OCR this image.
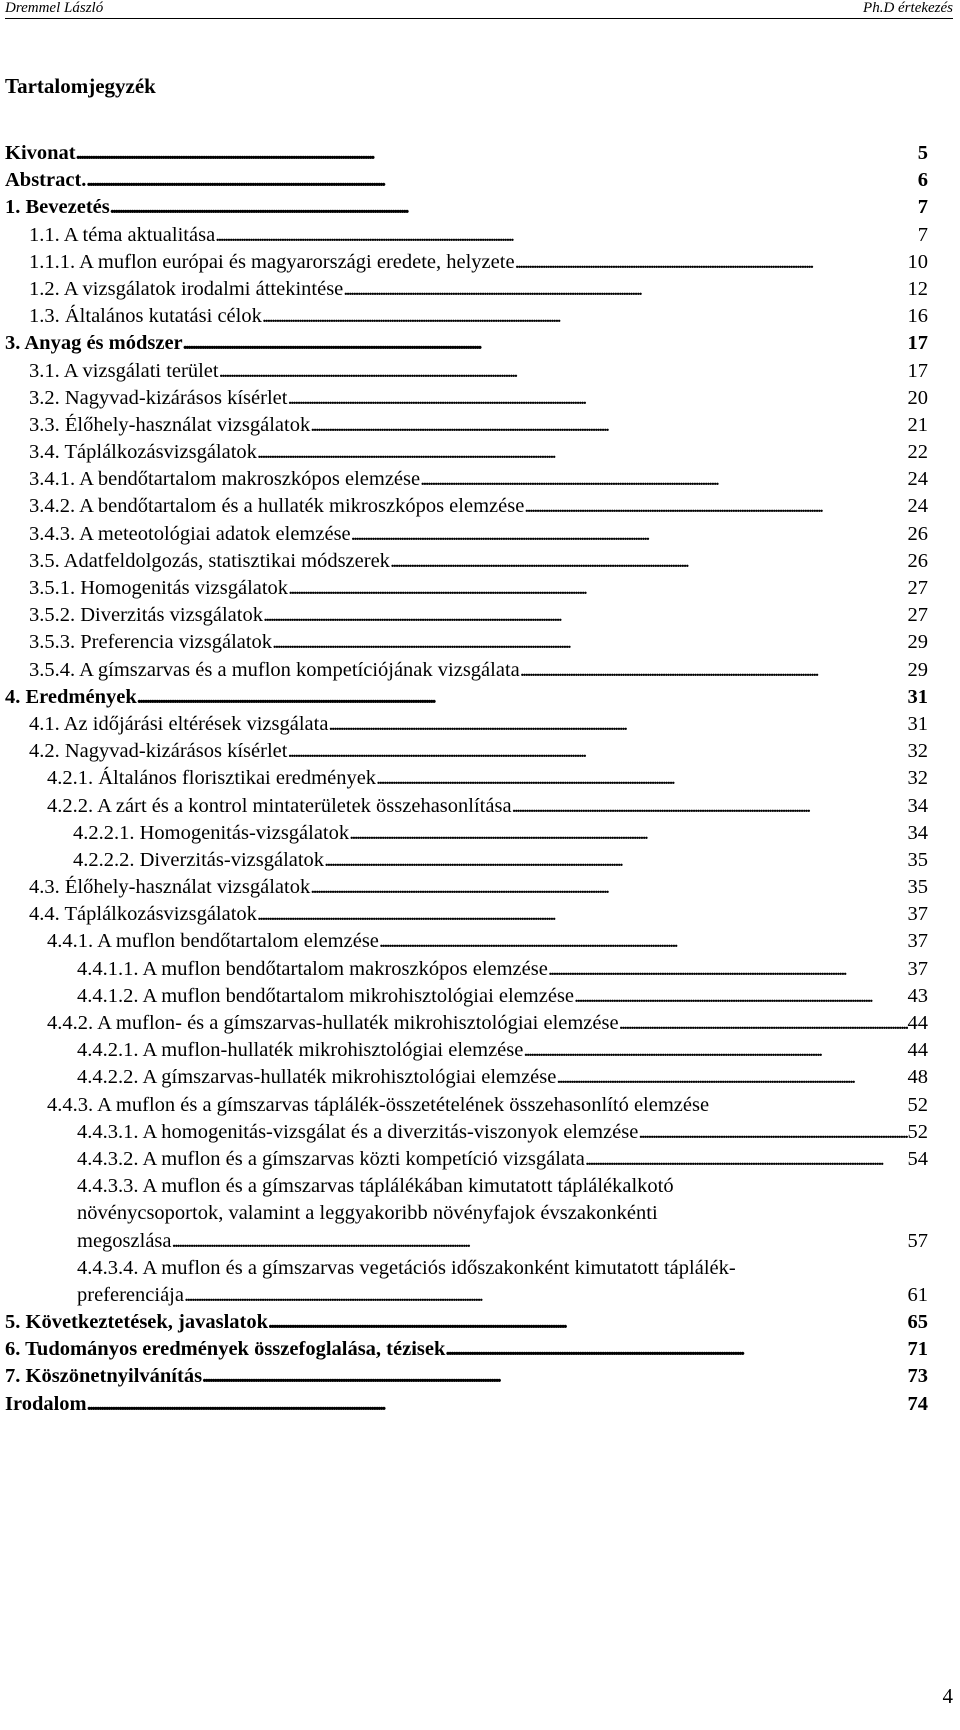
Dremmel László	Ph.D értekezés
Tartalomjegyzék
Kivonat . . .	5
Abstract. . . .	6
1. Bevezetés . . .	7
1.1. A téma aktualitása . . .	7
1.1.1. A muflon európai és magyarországi eredete, helyzete . . .	10
1.2. A vizsgálatok irodalmi áttekintése . . .	12
1.3. Általános kutatási célok . . .	16
3. Anyag és módszer . . .	17
3.1. A vizsgálati terület . . .	17
3.2. Nagyvad-kizárásos kísérlet . . .	20
3.3. Élőhely-használat vizsgálatok . . .	21
3.4. Táplálkozásvizsgálatok . . .	22
3.4.1. A bendőtartalom makroszkópos elemzése . . .	24
3.4.2. A bendőtartalom és a hullaték mikroszkópos elemzése . . .	24
3.4.3. A meteotológiai adatok elemzése . . .	26
3.5. Adatfeldolgozás, statisztikai módszerek . . .	26
3.5.1. Homogenitás vizsgálatok . . .	27
3.5.2. Diverzitás vizsgálatok . . .	27
3.5.3. Preferencia vizsgálatok . . .	29
3.5.4. A gímszarvas és a muflon kompetíciójának vizsgálata . . .	29
4. Eredmények . . .	31
4.1. Az időjárási eltérések vizsgálata . . .	31
4.2. Nagyvad-kizárásos kísérlet . . .	32
4.2.1. Általános florisztikai eredmények . . .	32
4.2.2. A zárt és a kontrol mintaterületek összehasonlítása . . .	34
4.2.2.1. Homogenitás-vizsgálatok . . .	34
4.2.2.2. Diverzitás-vizsgálatok . . .	35
4.3. Élőhely-használat vizsgálatok . . .	35
4.4. Táplálkozásvizsgálatok . . .	37
4.4.1. A muflon bendőtartalom elemzése . . .	37
4.4.1.1. A muflon bendőtartalom makroszkópos elemzése . . .	37
4.4.1.2. A muflon bendőtartalom mikrohisztológiai elemzése . . .	43
4.4.2. A muflon- és a gímszarvas-hullaték mikrohisztológiai elemzése . . .	44
4.4.2.1. A muflon-hullaték mikrohisztológiai elemzése . . .	44
4.4.2.2. A gímszarvas-hullaték mikrohisztológiai elemzése . . .	48
4.4.3. A muflon és a gímszarvas táplálék-összetételének összehasonlító elemzése	52
4.4.3.1. A homogenitás-vizsgálat és a diverzitás-viszonyok elemzése . . .	52
4.4.3.2. A muflon és a gímszarvas közti kompetíció vizsgálata . . .	54
4.4.3.3. A muflon és a gímszarvas táplálékában kimutatott táplálékalkotó
növénycsoportok, valamint a leggyakoribb növényfajok évszakonkénti
megoszlása . . .	57
4.4.3.4. A muflon és a gímszarvas vegetációs időszakonként kimutatott táplálék-
preferenciája . . .	61
5. Következtetések, javaslatok . . .	65
6. Tudományos eredmények összefoglalása, tézisek . . .	71
7. Köszönetnyilvánítás . . .	73
Irodalom . . .	74
4
